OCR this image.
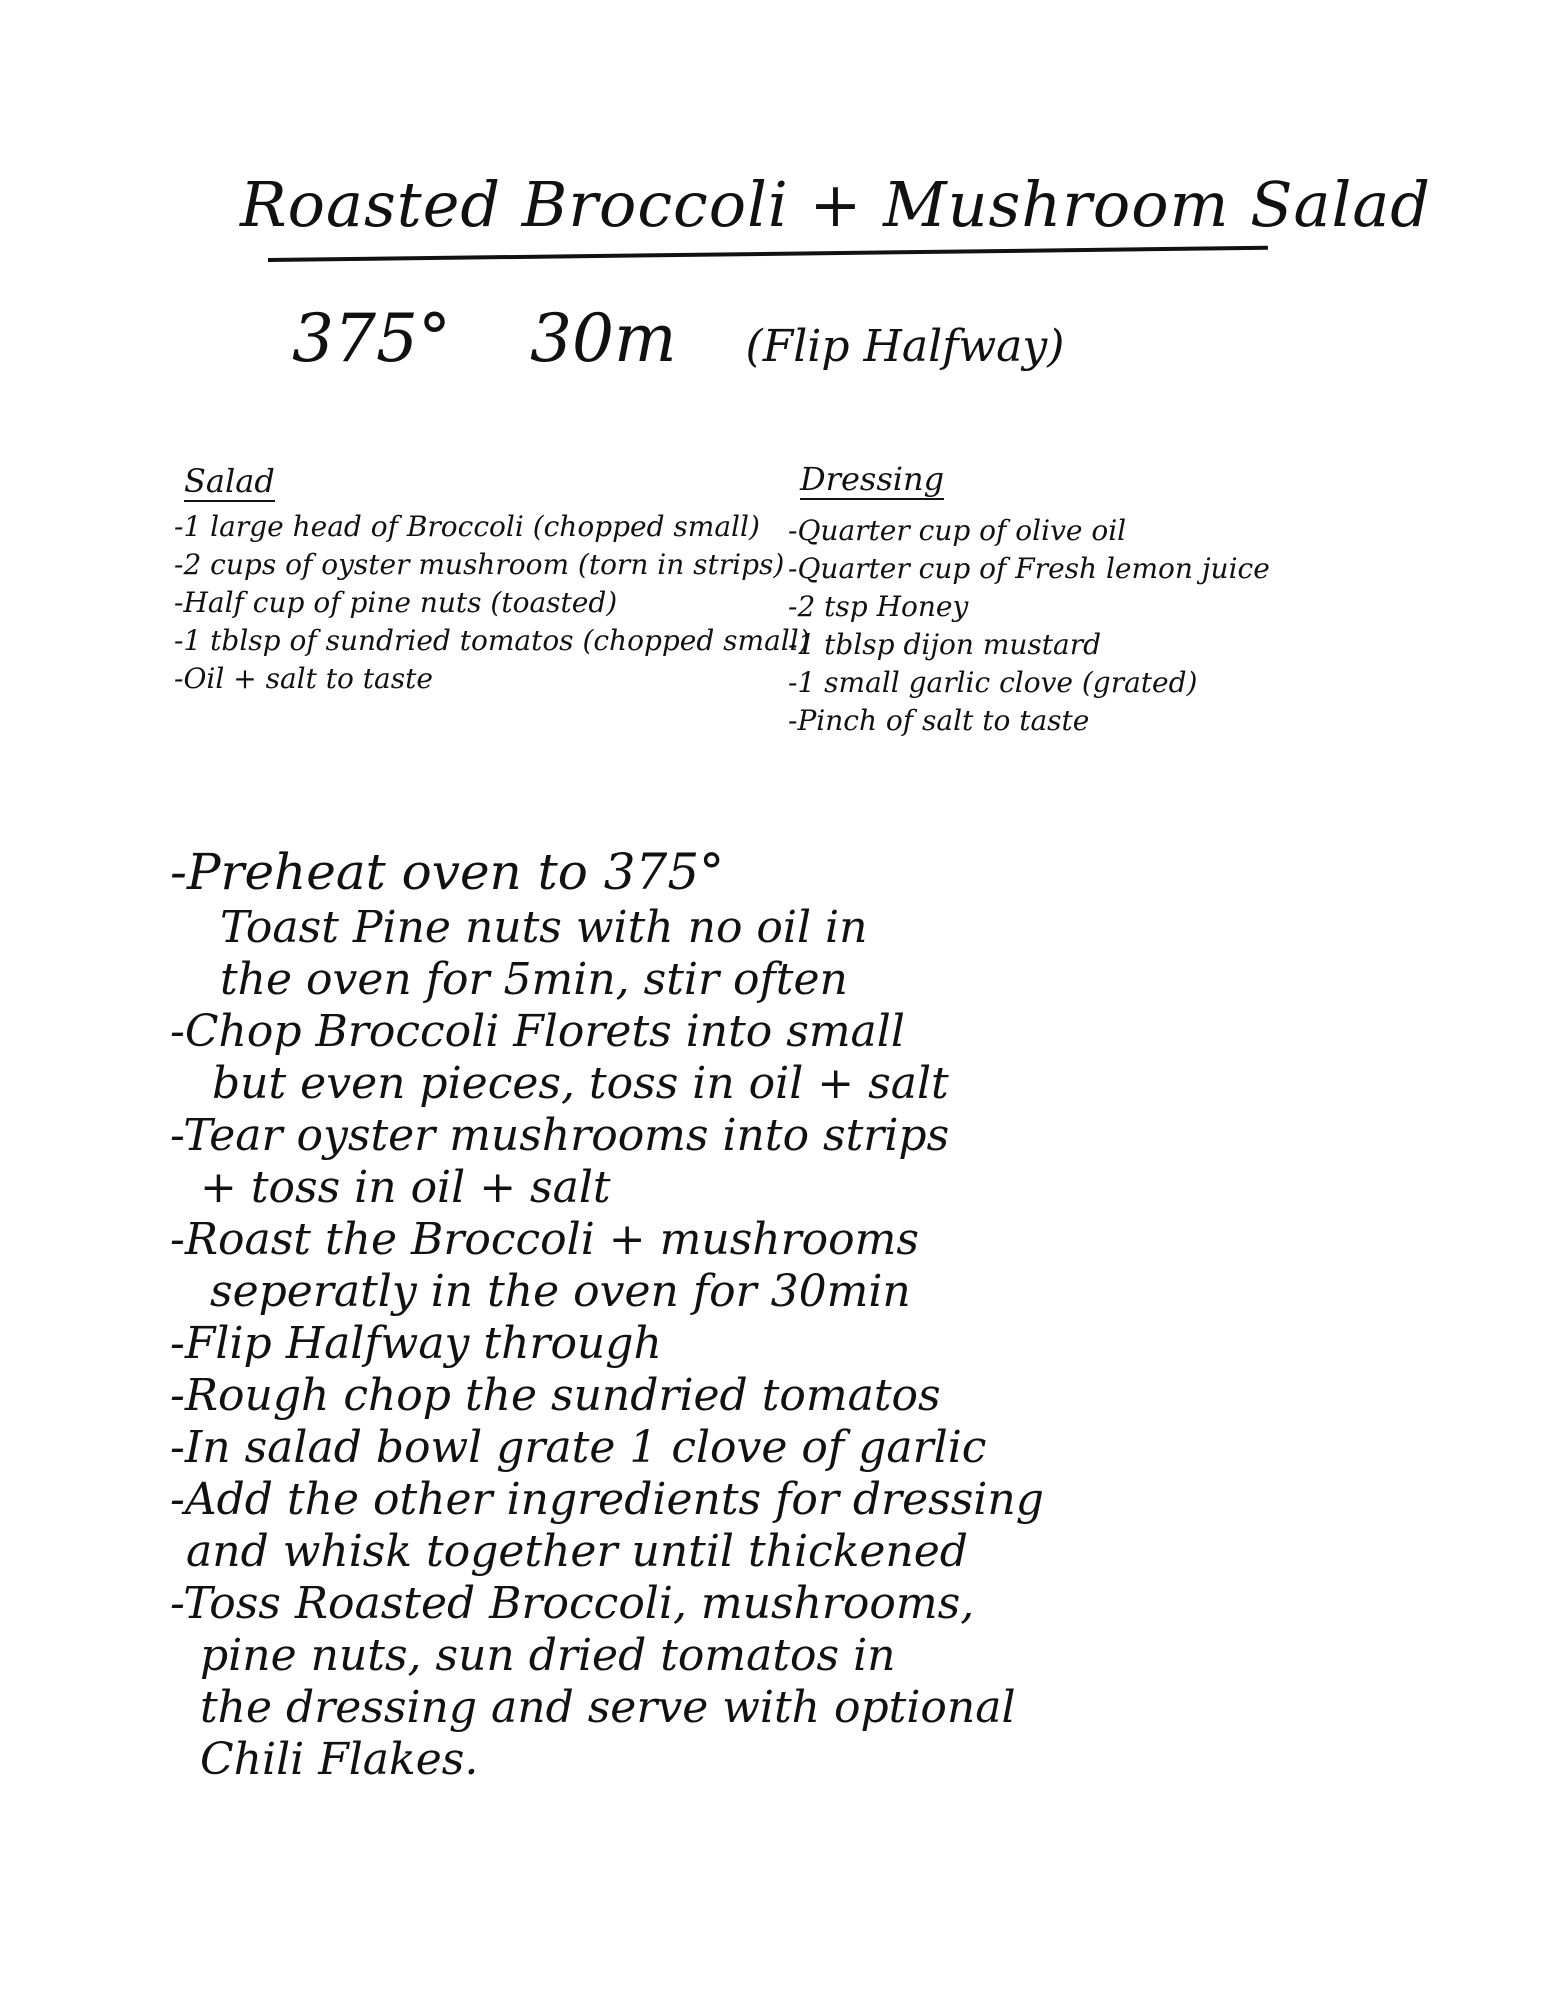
Roasted Broccoli + Mushroom Salad
375° 30m (Flip Halfway)
Salad
-1 large head of Broccoli (chopped small)
-2 cups of oyster mushroom (torn in strips)
-Half cup of pine nuts (toasted)
-1 tblsp of sundried tomatos (chopped small)
-Oil + salt to taste
Dressing
-Quarter cup of olive oil
-Quarter cup of Fresh lemon juice
-2 tsp Honey
-1 tblsp dijon mustard
-1 small garlic clove (grated)
-Pinch of salt to taste
-Preheat oven to 375°
Toast Pine nuts with no oil in
the oven for 5min, stir often
-Chop Broccoli Florets into small
but even pieces, toss in oil + salt
-Tear oyster mushrooms into strips
+ toss in oil + salt
-Roast the Broccoli + mushrooms
seperatly in the oven for 30min
-Flip Halfway through
-Rough chop the sundried tomatos
-In salad bowl grate 1 clove of garlic
-Add the other ingredients for dressing
and whisk together until thickened
-Toss Roasted Broccoli, mushrooms,
pine nuts, sun dried tomatos in
the dressing and serve with optional
Chili Flakes.
